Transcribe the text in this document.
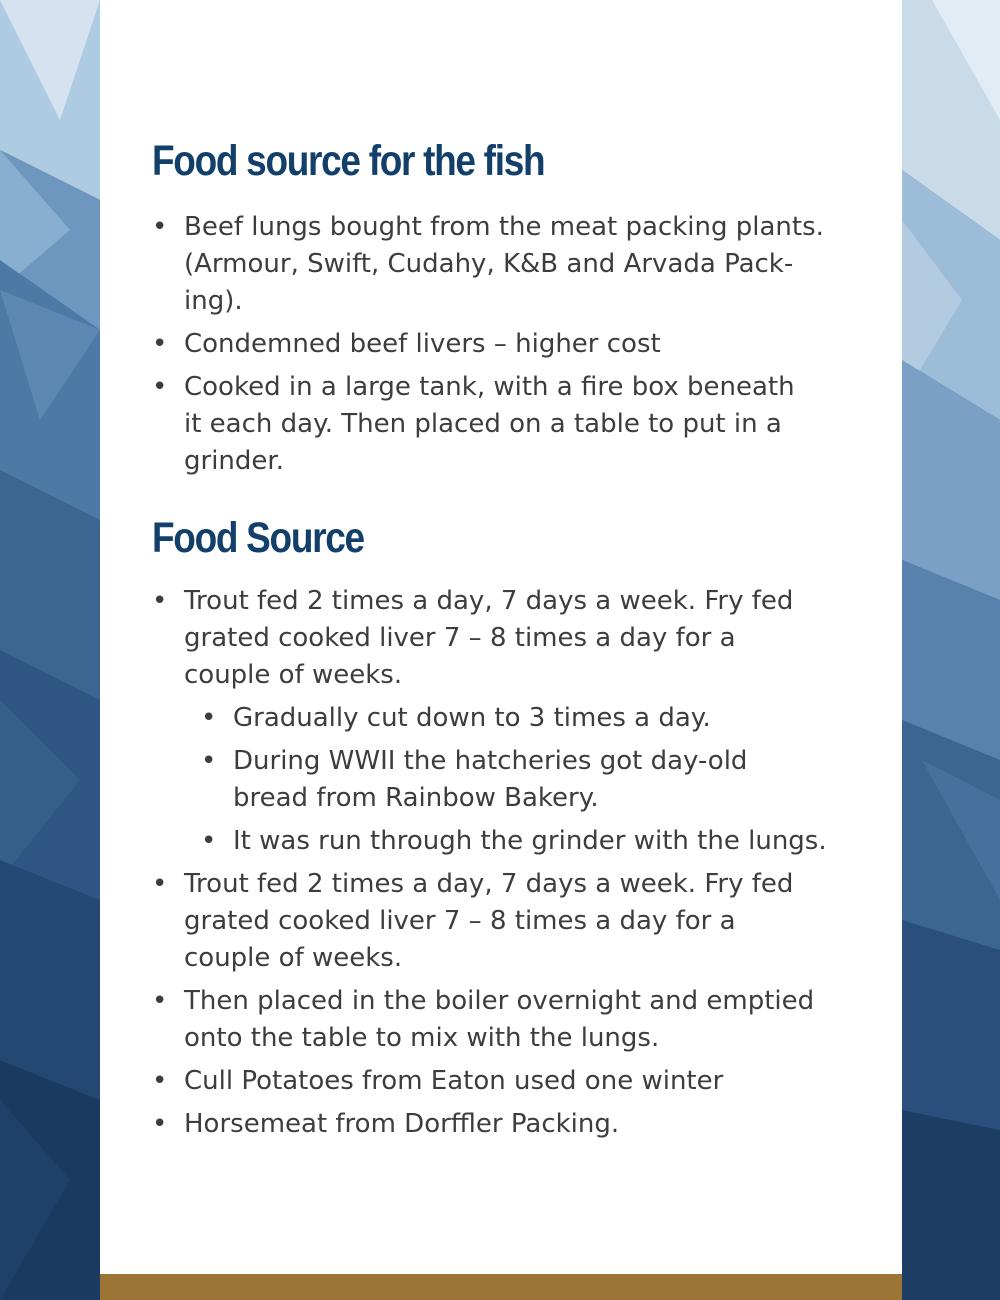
Food source for the fish
• Beef lungs bought from the meat packing plants.
(Armour, Swift, Cudahy, K&B and Arvada Pack-
ing).
• Condemned beef livers – higher cost
• Cooked in a large tank, with a fire box beneath
it each day. Then placed on a table to put in a
grinder.
Food Source
• Trout fed 2 times a day, 7 days a week. Fry fed
grated cooked liver 7 – 8 times a day for a
couple of weeks.
• Gradually cut down to 3 times a day.
• During WWII the hatcheries got day-old
bread from Rainbow Bakery.
• It was run through the grinder with the lungs.
• Trout fed 2 times a day, 7 days a week. Fry fed
grated cooked liver 7 – 8 times a day for a
couple of weeks.
• Then placed in the boiler overnight and emptied
onto the table to mix with the lungs.
• Cull Potatoes from Eaton used one winter
• Horsemeat from Dorffler Packing.
